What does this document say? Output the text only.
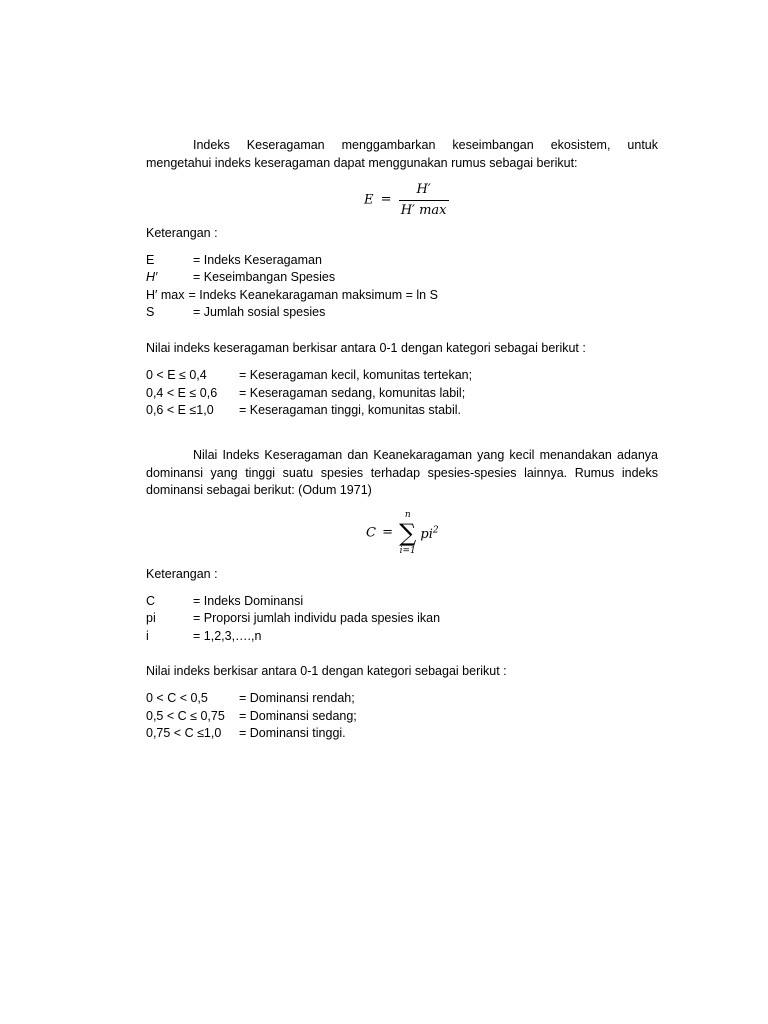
Indeks Keseragaman menggambarkan keseimbangan ekosistem, untuk
mengetahui indeks keseragaman dapat menggunakan rumus sebagai berikut:
$E = \frac{H'}{H' \max}$
Keterangan :
E	= Indeks Keseragaman
H′	= Keseimbangan Spesies
H′ max = Indeks Keanekaragaman maksimum = ln S
S	= Jumlah sosial spesies
Nilai indeks keseragaman berkisar antara 0-1 dengan kategori sebagai berikut :
0 < E ≤ 0,4	= Keseragaman kecil, komunitas tertekan;
0,4 < E ≤ 0,6 = Keseragaman sedang, komunitas labil;
0,6 < E ≤1,0 = Keseragaman tinggi, komunitas stabil.
Nilai Indeks Keseragaman dan Keanekaragaman yang kecil menandakan adanya
dominansi yang tinggi suatu spesies terhadap spesies-spesies lainnya. Rumus indeks
dominansi sebagai berikut: (Odum 1971)
C =
n
∑
i=1
$pi^2$
Keterangan :
C	= Indeks Dominansi
pi	= Proporsi jumlah individu pada spesies ikan
i	= 1,2,3,….,n
Nilai indeks berkisar antara 0-1 dengan kategori sebagai berikut :
0 < C < 0,5 = Dominansi rendah;
0,5 < C ≤ 0,75 = Dominansi sedang;
0,75 < C ≤1,0 = Dominansi tinggi.
